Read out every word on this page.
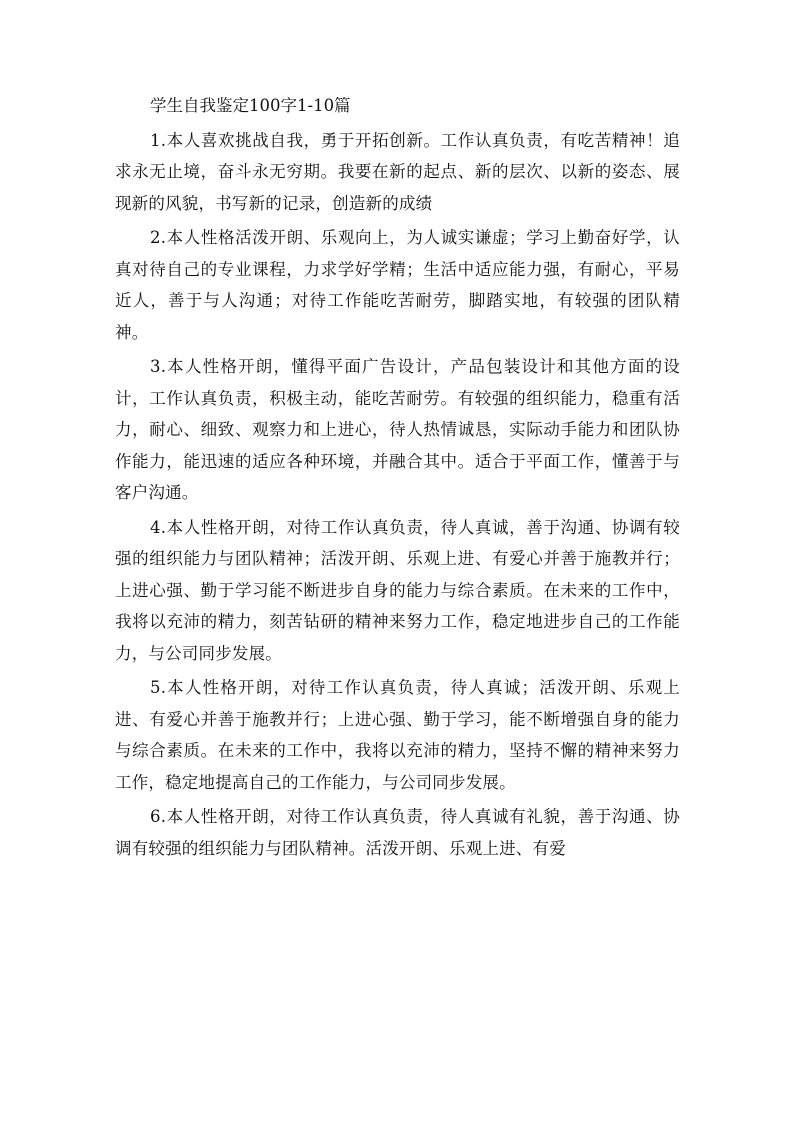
学生自我鉴定100字1-10篇

1.本人喜欢挑战自我，勇于开拓创新。工作认真负责，有吃苦精神！追求永无止境，奋斗永无穷期。我要在新的起点、新的层次、以新的姿态、展现新的风貌，书写新的记录，创造新的成绩

2.本人性格活泼开朗、乐观向上，为人诚实谦虚；学习上勤奋好学，认真对待自己的专业课程，力求学好学精；生活中适应能力强，有耐心，平易近人，善于与人沟通；对待工作能吃苦耐劳，脚踏实地，有较强的团队精神。

3.本人性格开朗，懂得平面广告设计，产品包装设计和其他方面的设计，工作认真负责，积极主动，能吃苦耐劳。有较强的组织能力，稳重有活力，耐心、细致、观察力和上进心，待人热情诚恳，实际动手能力和团队协作能力，能迅速的适应各种环境，并融合其中。适合于平面工作，懂善于与客户沟通。

4.本人性格开朗，对待工作认真负责，待人真诚，善于沟通、协调有较强的组织能力与团队精神；活泼开朗、乐观上进、有爱心并善于施教并行；上进心强、勤于学习能不断进步自身的能力与综合素质。在未来的工作中，我将以充沛的精力，刻苦钻研的精神来努力工作，稳定地进步自己的工作能力，与公司同步发展。

5.本人性格开朗，对待工作认真负责，待人真诚；活泼开朗、乐观上进、有爱心并善于施教并行；上进心强、勤于学习，能不断增强自身的能力与综合素质。在未来的工作中，我将以充沛的精力，坚持不懈的精神来努力工作，稳定地提高自己的工作能力，与公司同步发展。

6.本人性格开朗，对待工作认真负责，待人真诚有礼貌，善于沟通、协调有较强的组织能力与团队精神。活泼开朗、乐观上进、有爱
